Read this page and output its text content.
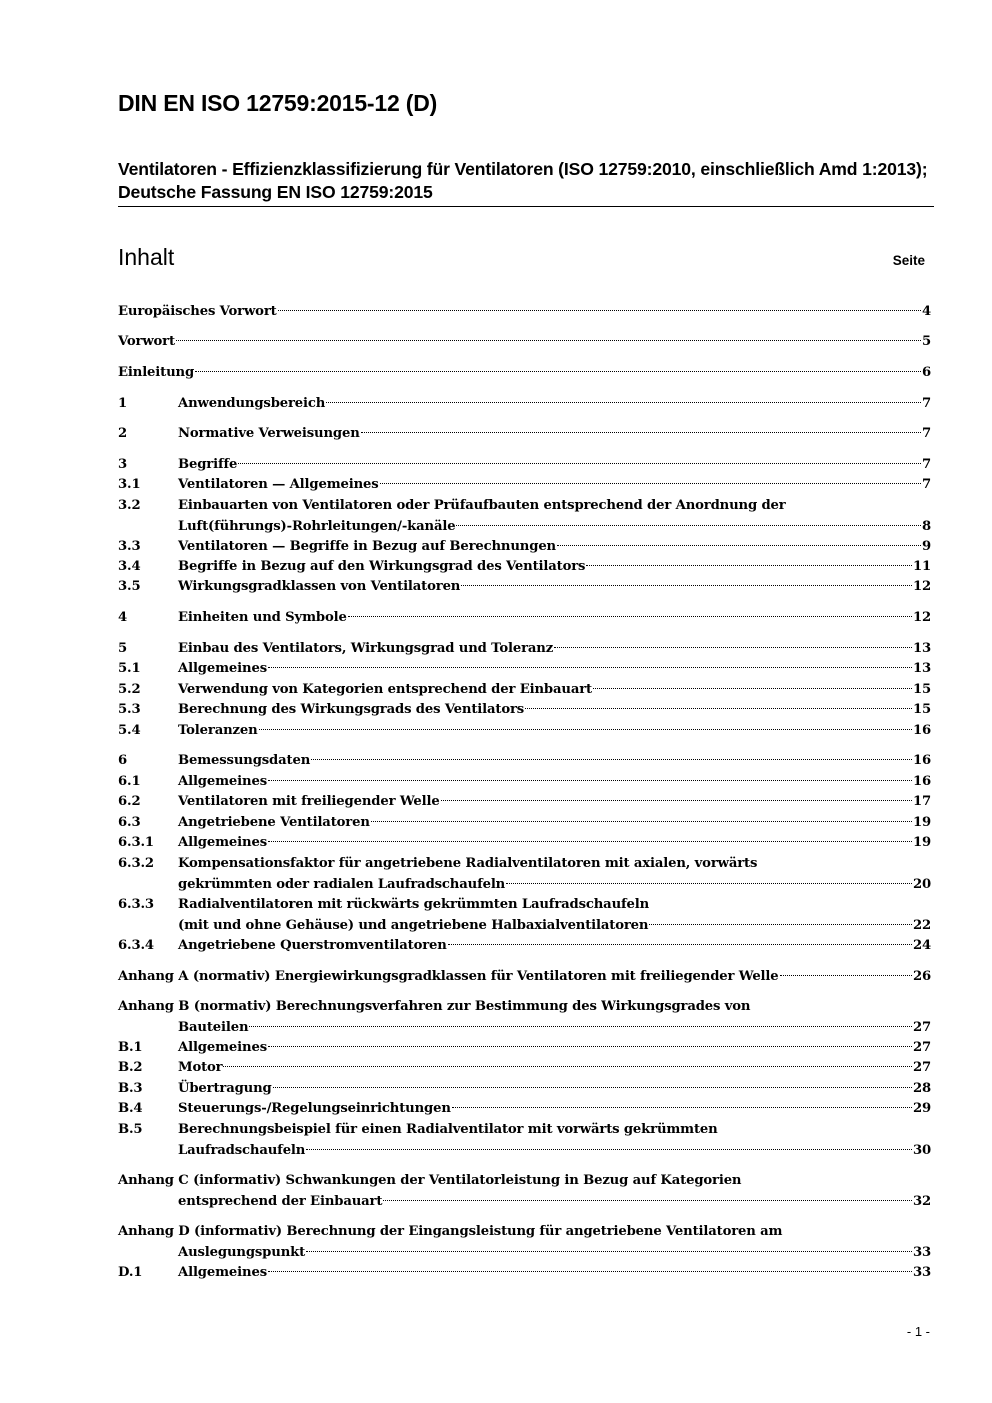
DIN EN ISO 12759:2015-12 (D)
Ventilatoren - Effizienzklassifizierung für Ventilatoren (ISO 12759:2010, einschließlich Amd 1:2013); Deutsche Fassung EN ISO 12759:2015
Inhalt	Seite
Europäisches Vorwort	4
Vorwort	5
Einleitung	6
1	Anwendungsbereich	7
2	Normative Verweisungen	7
3	Begriffe	7
3.1	Ventilatoren — Allgemeines	7
3.2	Einbauarten von Ventilatoren oder Prüfaufbauten entsprechend der Anordnung der
Luft(führungs)-Rohrleitungen/-kanäle	8
3.3	Ventilatoren — Begriffe in Bezug auf Berechnungen	9
3.4	Begriffe in Bezug auf den Wirkungsgrad des Ventilators	11
3.5	Wirkungsgradklassen von Ventilatoren	12
4	Einheiten und Symbole	12
5	Einbau des Ventilators, Wirkungsgrad und Toleranz	13
5.1	Allgemeines	13
5.2	Verwendung von Kategorien entsprechend der Einbauart	15
5.3	Berechnung des Wirkungsgrads des Ventilators	15
5.4	Toleranzen	16
6	Bemessungsdaten	16
6.1	Allgemeines	16
6.2	Ventilatoren mit freiliegender Welle	17
6.3	Angetriebene Ventilatoren	19
6.3.1 Allgemeines	19
6.3.2 Kompensationsfaktor für angetriebene Radialventilatoren mit axialen, vorwärts
gekrümmten oder radialen Laufradschaufeln	20
6.3.3 Radialventilatoren mit rückwärts gekrümmten Laufradschaufeln
(mit und ohne Gehäuse) und angetriebene Halbaxialventilatoren	22
6.3.4 Angetriebene Querstromventilatoren	24
Anhang A (normativ) Energiewirkungsgradklassen für Ventilatoren mit freiliegender Welle	26
Anhang B (normativ) Berechnungsverfahren zur Bestimmung des Wirkungsgrades von
Bauteilen	27
B.1	Allgemeines	27
B.2	Motor	27
B.3	Übertragung	28
B.4	Steuerungs-/Regelungseinrichtungen	29
B.5	Berechnungsbeispiel für einen Radialventilator mit vorwärts gekrümmten
Laufradschaufeln	30
Anhang C (informativ) Schwankungen der Ventilatorleistung in Bezug auf Kategorien
entsprechend der Einbauart	32
Anhang D (informativ) Berechnung der Eingangsleistung für angetriebene Ventilatoren am
Auslegungspunkt	33
D.1	Allgemeines	33
- 1 -
